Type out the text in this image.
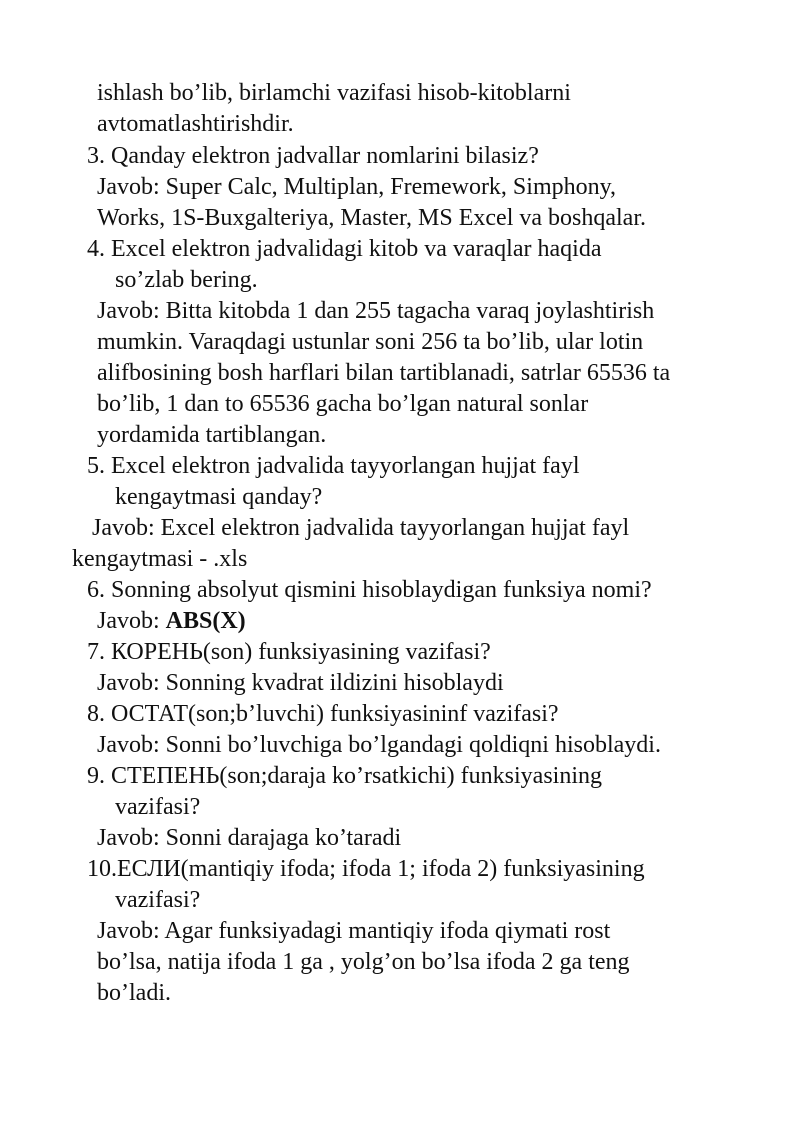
ishlash bo’lib, birlamchi vazifasi hisob-kitoblarni
avtomatlashtirishdir.
3. Qanday elektron jadvallar nomlarini bilasiz?
Javob: Super Calc, Multiplan, Fremework, Simphony,
Works, 1S-Buxgalteriya, Master, MS Excel va boshqalar.
4. Excel elektron jadvalidagi kitob va varaqlar haqida
so’zlab bering.
Javob: Bitta kitobda 1 dan 255 tagacha varaq joylashtirish
mumkin. Varaqdagi ustunlar soni 256 ta bo’lib, ular lotin
alifbosining bosh harflari bilan tartiblanadi, satrlar 65536 ta
bo’lib, 1 dan to 65536 gacha bo’lgan natural sonlar
yordamida tartiblangan.
5. Excel elektron jadvalida tayyorlangan hujjat fayl
kengaytmasi qanday?
Javob: Excel elektron jadvalida tayyorlangan hujjat fayl
kengaytmasi - .xls
6. Sonning absolyut qismini hisoblaydigan funksiya nomi?
Javob: ABS(X)
7. КОРЕНЬ(son) funksiyasining vazifasi?
Javob: Sonning kvadrat ildizini hisoblaydi
8. ОСТАТ(son;b’luvchi) funksiyasininf vazifasi?
Javob: Sonni bo’luvchiga bo’lgandagi qoldiqni hisoblaydi.
9. СТЕПЕНЬ(son;daraja ko’rsatkichi) funksiyasining
vazifasi?
Javob: Sonni darajaga ko’taradi
10.ЕСЛИ(mantiqiy ifoda; ifoda 1; ifoda 2) funksiyasining
vazifasi?
Javob: Agar funksiyadagi mantiqiy ifoda qiymati rost
bo’lsa, natija ifoda 1 ga , yolg’on bo’lsa ifoda 2 ga teng
bo’ladi.
